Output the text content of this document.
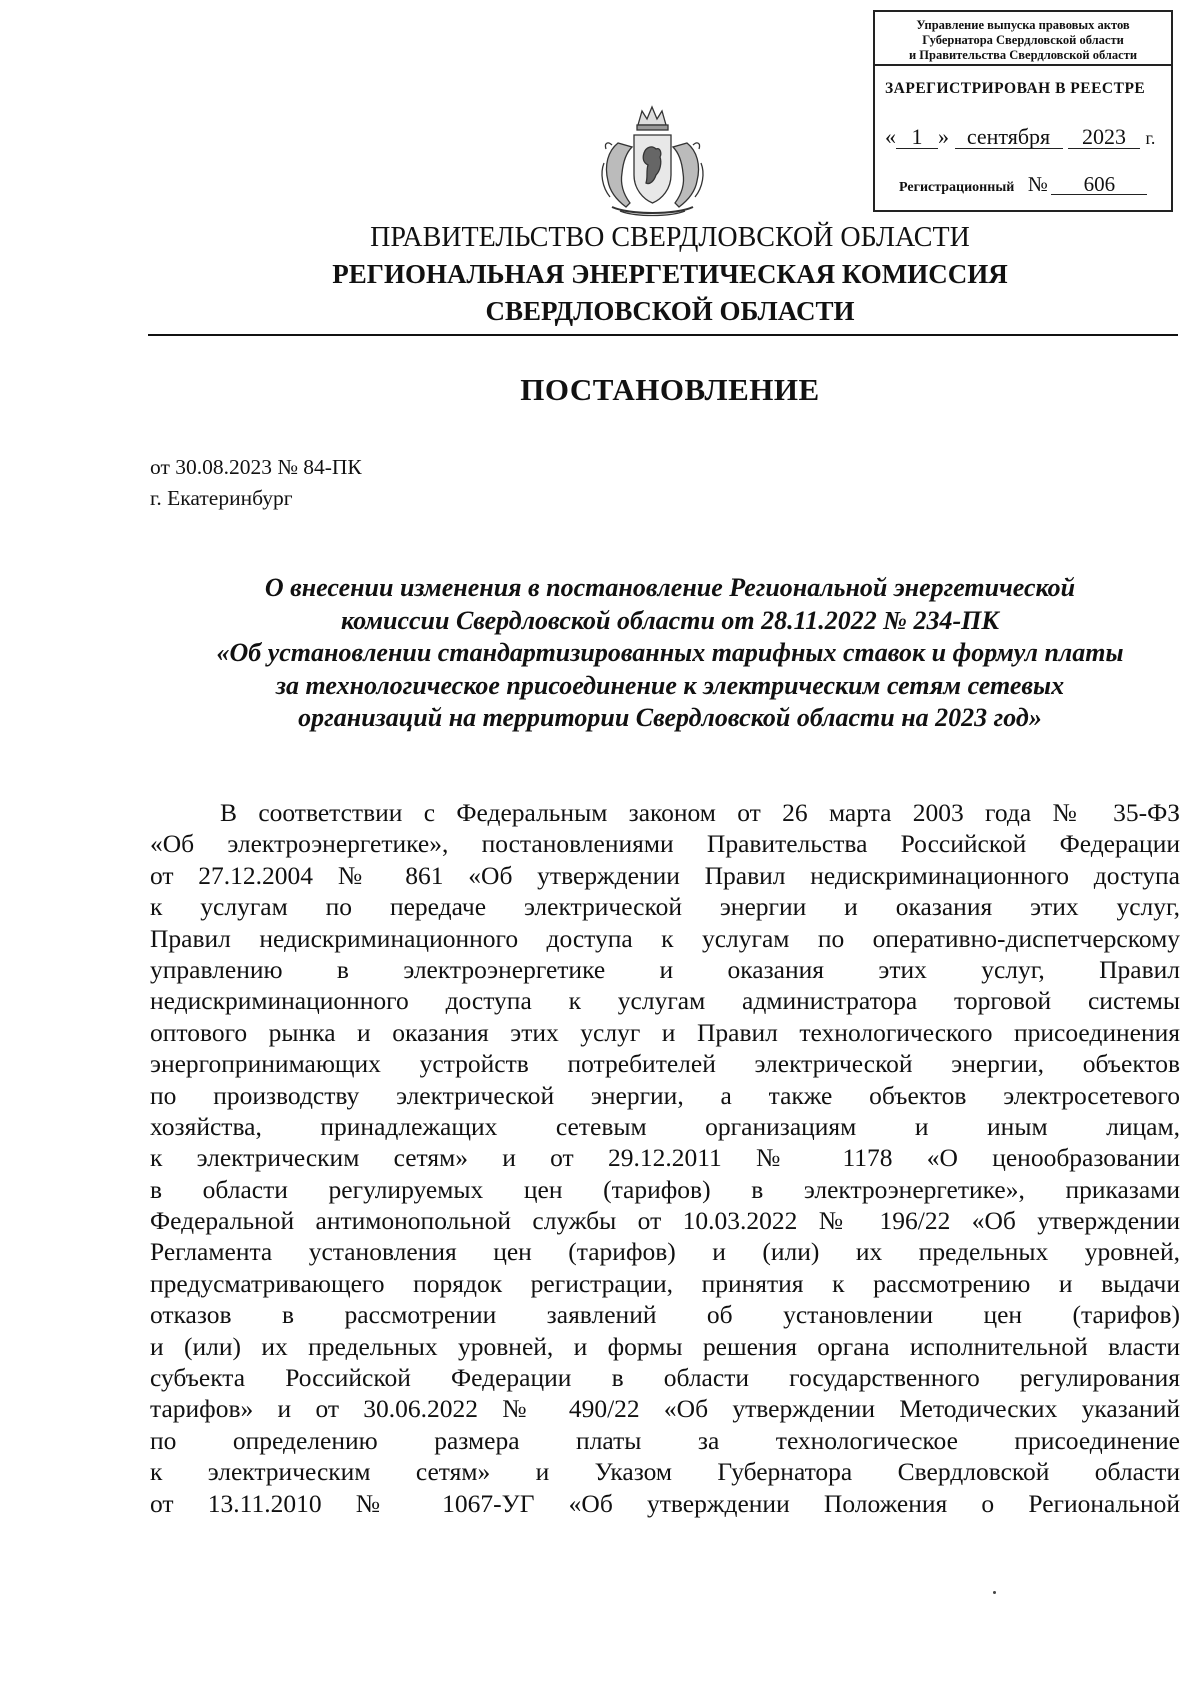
Управление выпуска правовых актов
Губернатора Свердловской области
и Правительства Свердловской области
ЗАРЕГИСТРИРОВАН В РЕЕСТРЕ
« 1 » сентября 2023 г.
Регистрационный № 606
ПРАВИТЕЛЬСТВО СВЕРДЛОВСКОЙ ОБЛАСТИ
РЕГИОНАЛЬНАЯ ЭНЕРГЕТИЧЕСКАЯ КОМИССИЯ
СВЕРДЛОВСКОЙ ОБЛАСТИ
ПОСТАНОВЛЕНИЕ
от 30.08.2023 № 84-ПК
г. Екатеринбург
О внесении изменения в постановление Региональной энергетической
комиссии Свердловской области от 28.11.2022 № 234-ПК
«Об установлении стандартизированных тарифных ставок и формул платы
за технологическое присоединение к электрическим сетям сетевых
организаций на территории Свердловской области на 2023 год»
В соответствии с Федеральным законом от 26 марта 2003 года № 35-ФЗ
«Об электроэнергетике», постановлениями Правительства Российской Федерации
от 27.12.2004 № 861 «Об утверждении Правил недискриминационного доступа
к услугам по передаче электрической энергии и оказания этих услуг,
Правил недискриминационного доступа к услугам по оперативно-диспетчерскому
управлению в электроэнергетике и оказания этих услуг, Правил
недискриминационного доступа к услугам администратора торговой системы
оптового рынка и оказания этих услуг и Правил технологического присоединения
энергопринимающих устройств потребителей электрической энергии, объектов
по производству электрической энергии, а также объектов электросетевого
хозяйства, принадлежащих сетевым организациям и иным лицам,
к электрическим сетям» и от 29.12.2011 № 1178 «О ценообразовании
в области регулируемых цен (тарифов) в электроэнергетике», приказами
Федеральной антимонопольной службы от 10.03.2022 № 196/22 «Об утверждении
Регламента установления цен (тарифов) и (или) их предельных уровней,
предусматривающего порядок регистрации, принятия к рассмотрению и выдачи
отказов в рассмотрении заявлений об установлении цен (тарифов)
и (или) их предельных уровней, и формы решения органа исполнительной власти
субъекта Российской Федерации в области государственного регулирования
тарифов» и от 30.06.2022 № 490/22 «Об утверждении Методических указаний
по определению размера платы за технологическое присоединение
к электрическим сетям» и Указом Губернатора Свердловской области
от 13.11.2010 № 1067-УГ «Об утверждении Положения о Региональной
